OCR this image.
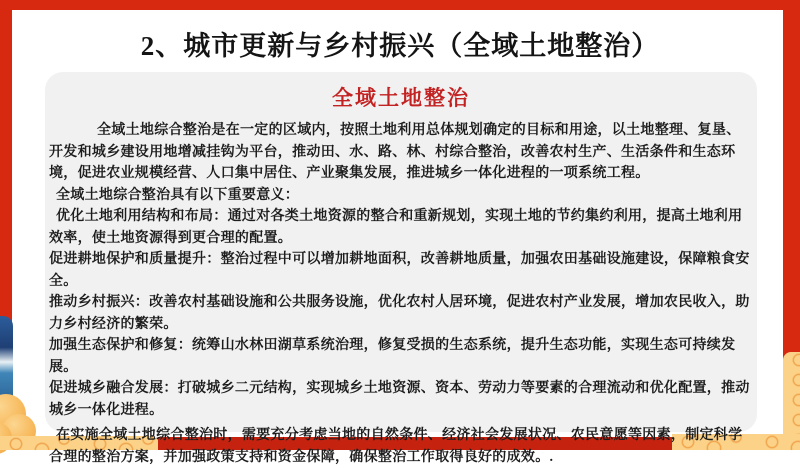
2、城市更新与乡村振兴（全域土地整治）
全域土地整治

全域土地综合整治是在一定的区域内，按照土地利用总体规划确定的目标和用途，以土地整理、复垦、开发和城乡建设用地增减挂钩为平台，推动田、水、路、林、村综合整治，改善农村生产、生活条件和生态环境，促进农业规模经营、人口集中居住、产业聚集发展，推进城乡一体化进程的一项系统工程。

全域土地综合整治具有以下重要意义：

优化土地利用结构和布局：通过对各类土地资源的整合和重新规划，实现土地的节约集约利用，提高土地利用效率，使土地资源得到更合理的配置。

促进耕地保护和质量提升：整治过程中可以增加耕地面积，改善耕地质量，加强农田基础设施建设，保障粮食安全。

推动乡村振兴：改善农村基础设施和公共服务设施，优化农村人居环境，促进农村产业发展，增加农民收入，助力乡村经济的繁荣。

加强生态保护和修复：统筹山水林田湖草系统治理，修复受损的生态系统，提升生态功能，实现生态可持续发展。

促进城乡融合发展：打破城乡二元结构，实现城乡土地资源、资本、劳动力等要素的合理流动和优化配置，推动城乡一体化进程。

在实施全域土地综合整治时，需要充分考虑当地的自然条件、经济社会发展状况、农民意愿等因素，制定科学合理的整治方案，并加强政策支持和资金保障，确保整治工作取得良好的成效。.
